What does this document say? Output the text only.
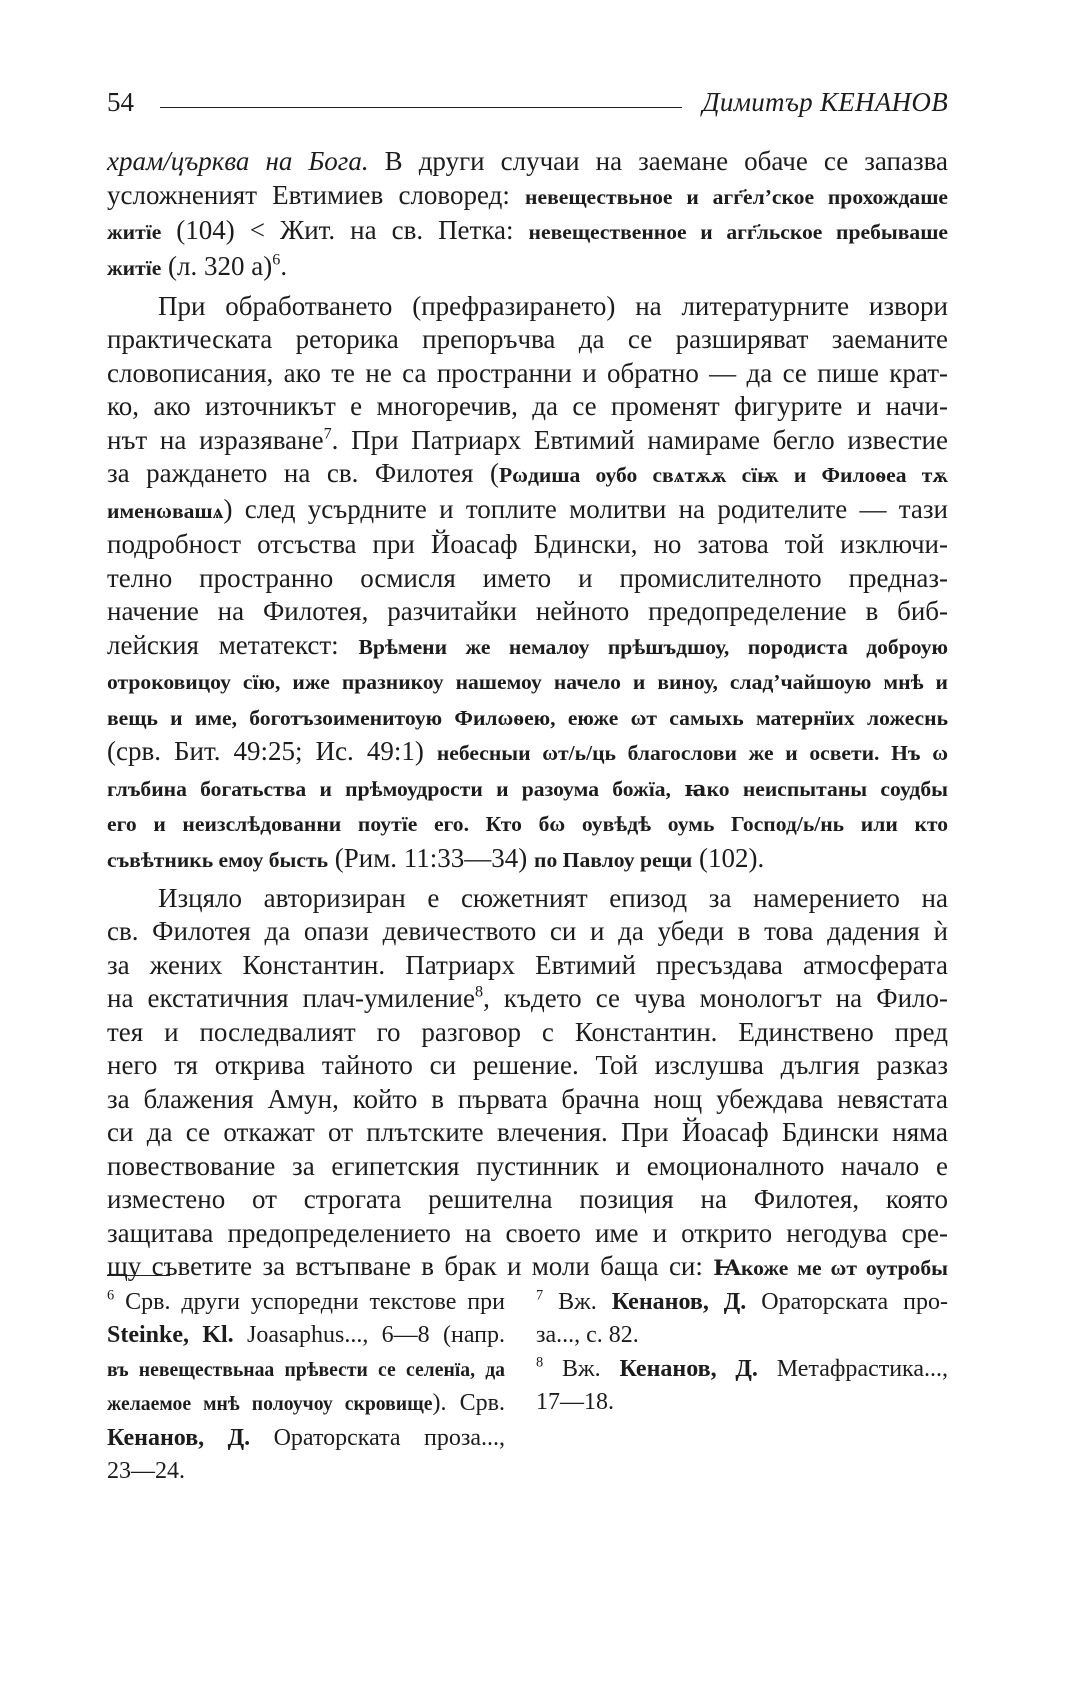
54	Димитър КЕНАНОВ
храм/църква на Бога. В други случаи на заемане обаче се запазва
усложненият Евтимиев словоред: невеществьное и агг҃елʼское прохождаше
житїе (104) < Жит. на св. Петка: невещественное и агг҃льское пребываше
житїе (л. 320 а)$^6$.
При обработването (префразирането) на литературните извори
практическата реторика препоръчва да се разширяват заеманите
словописания, ако те не са пространни и обратно — да се пише крат-
ко, ако източникът е многоречив, да се променят фигурите и начи-
нът на изразяване$^7$. При Патриарх Евтимий намираме бегло известие
за раждането на св. Филотея (Рωдиша оубо свѧтѫѫ сїѭ и Филоѳеа тѫ
именωвашѧ) след усърдните и топлите молитви на родителите — тази
подробност отсъства при Йоасаф Бдински, но затова той изключи-
телно пространно осмисля името и промислителното предназ-
начение на Филотея, разчитайки нейното предопределение в биб-
лейския метатекст: Врѣмени же немалоу прѣшъдшоу, породиста доброую
отроковицоу сїю, иже празникоу нашемоу начело и виноу, сладʼчайшоую мнѣ и
вещь и име, боготъзоименитоую Филωѳею, еюже ωт самыхь матернїих ложеснь
(срв. Бит. 49:25; Ис. 49:1) небесныи ωт/ь/ць благослови же и освети. Нъ ω
глъбина богатьства и прѣмоудрости и разоума божїа, ꙗко неиспытаны соудбы
его и неизслѣдованни поутїе его. Кто бω оувѣдѣ оумь Господ/ь/нь или кто
съвѣтникь емоу бысть (Рим. 11:33—34) по Павлоу рещи (102).
Изцяло авторизиран е сюжетният епизод за намерението на
св. Филотея да опази девичеството си и да убеди в това дадения ѝ
за жених Константин. Патриарх Евтимий пресъздава атмосферата
на екстатичния плач-умиление$^8$, където се чува монологът на Фило-
тея и последвалият го разговор с Константин. Единствено пред
него тя открива тайното си решение. Той изслушва дългия разказ
за блажения Амун, който в първата брачна нощ убеждава невястата
си да се откажат от плътските влечения. При Йоасаф Бдински няма
повествование за египетския пустинник и емоционалното начало е
изместено от строгата решителна позиция на Филотея, която
защитава предопределението на своето име и открито негодува сре-
щу съветите за встъпване в брак и моли баща си: Ꙗкоже ме ωт оутробы
$^6$ Срв. други успоредни текстове при
Steinke, Kl. Joasaphus..., 6—8 (напр.
въ невеществьнаа прѣвести се селенїа, да
желаемое мнѣ полоучоу скровище). Срв.
Кенанов, Д. Ораторската проза...,
23—24.
$^7$ Вж. Кенанов, Д. Ораторската про-
за..., с. 82.
$^8$ Вж. Кенанов, Д. Метафрастика...,
17—18.
